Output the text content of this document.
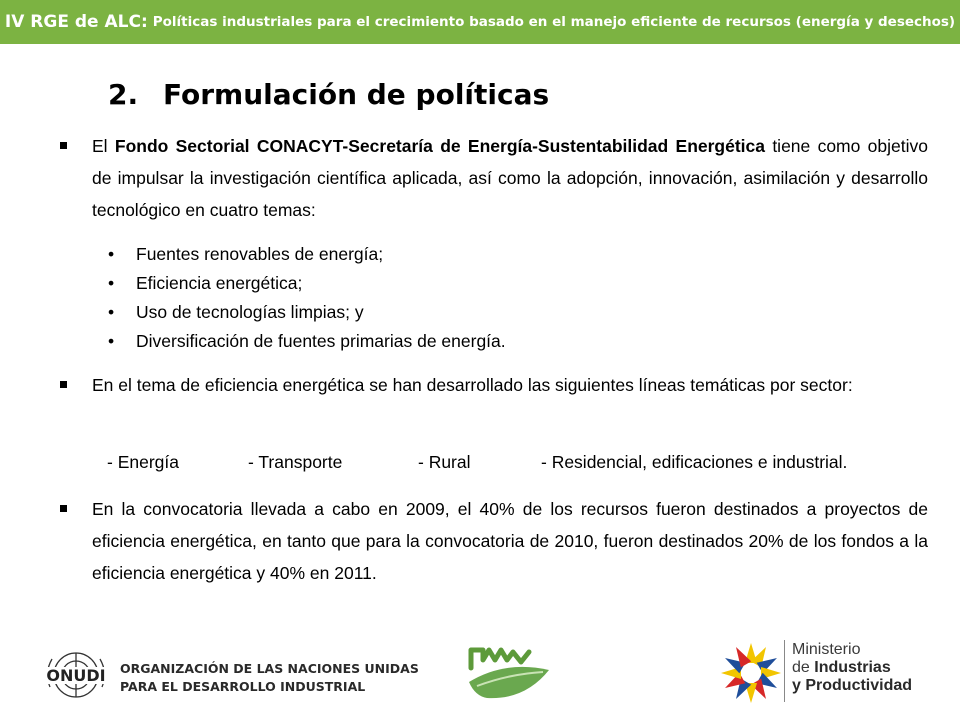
IV RGE de ALC: Políticas industriales para el crecimiento basado en el manejo eficiente de recursos (energía y desechos)
2. Formulación de políticas
El Fondo Sectorial CONACYT-Secretaría de Energía-Sustentabilidad Energética tiene como objetivo de impulsar la investigación científica aplicada, así como la adopción, innovación, asimilación y desarrollo tecnológico en cuatro temas:
• Fuentes renovables de energía;
• Eficiencia energética;
• Uso de tecnologías limpias; y
• Diversificación de fuentes primarias de energía.
En el tema de eficiencia energética se han desarrollado las siguientes líneas temáticas por sector:
- Energía	- Transporte	- Rural	- Residencial, edificaciones e industrial.
En la convocatoria llevada a cabo en 2009, el 40% de los recursos fueron destinados a proyectos de eficiencia energética, en tanto que para la convocatoria de 2010, fueron destinados 20% de los fondos a la eficiencia energética y 40% en 2011.
ONUDI ORGANIZACIÓN DE LAS NACIONES UNIDAS
PARA EL DESARROLLO INDUSTRIAL
Ministerio
de Industrias
y Productividad
